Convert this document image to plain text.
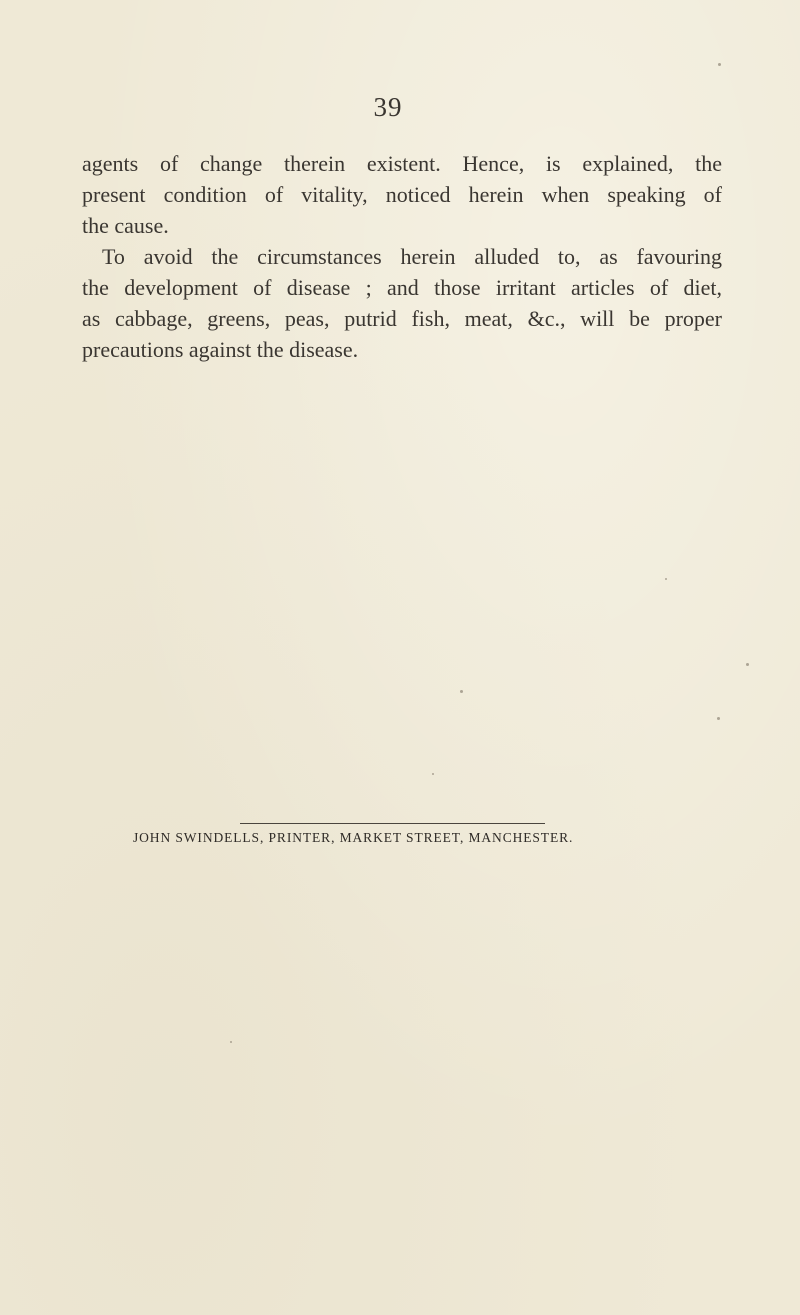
39
agents of change therein existent. Hence, is explained, the
present condition of vitality, noticed herein when speaking of
the cause.
To avoid the circumstances herein alluded to, as favouring
the development of disease ; and those irritant articles of diet,
as cabbage, greens, peas, putrid fish, meat, &c., will be proper
precautions against the disease.
JOHN SWINDELLS, PRINTER, MARKET STREET, MANCHESTER.
